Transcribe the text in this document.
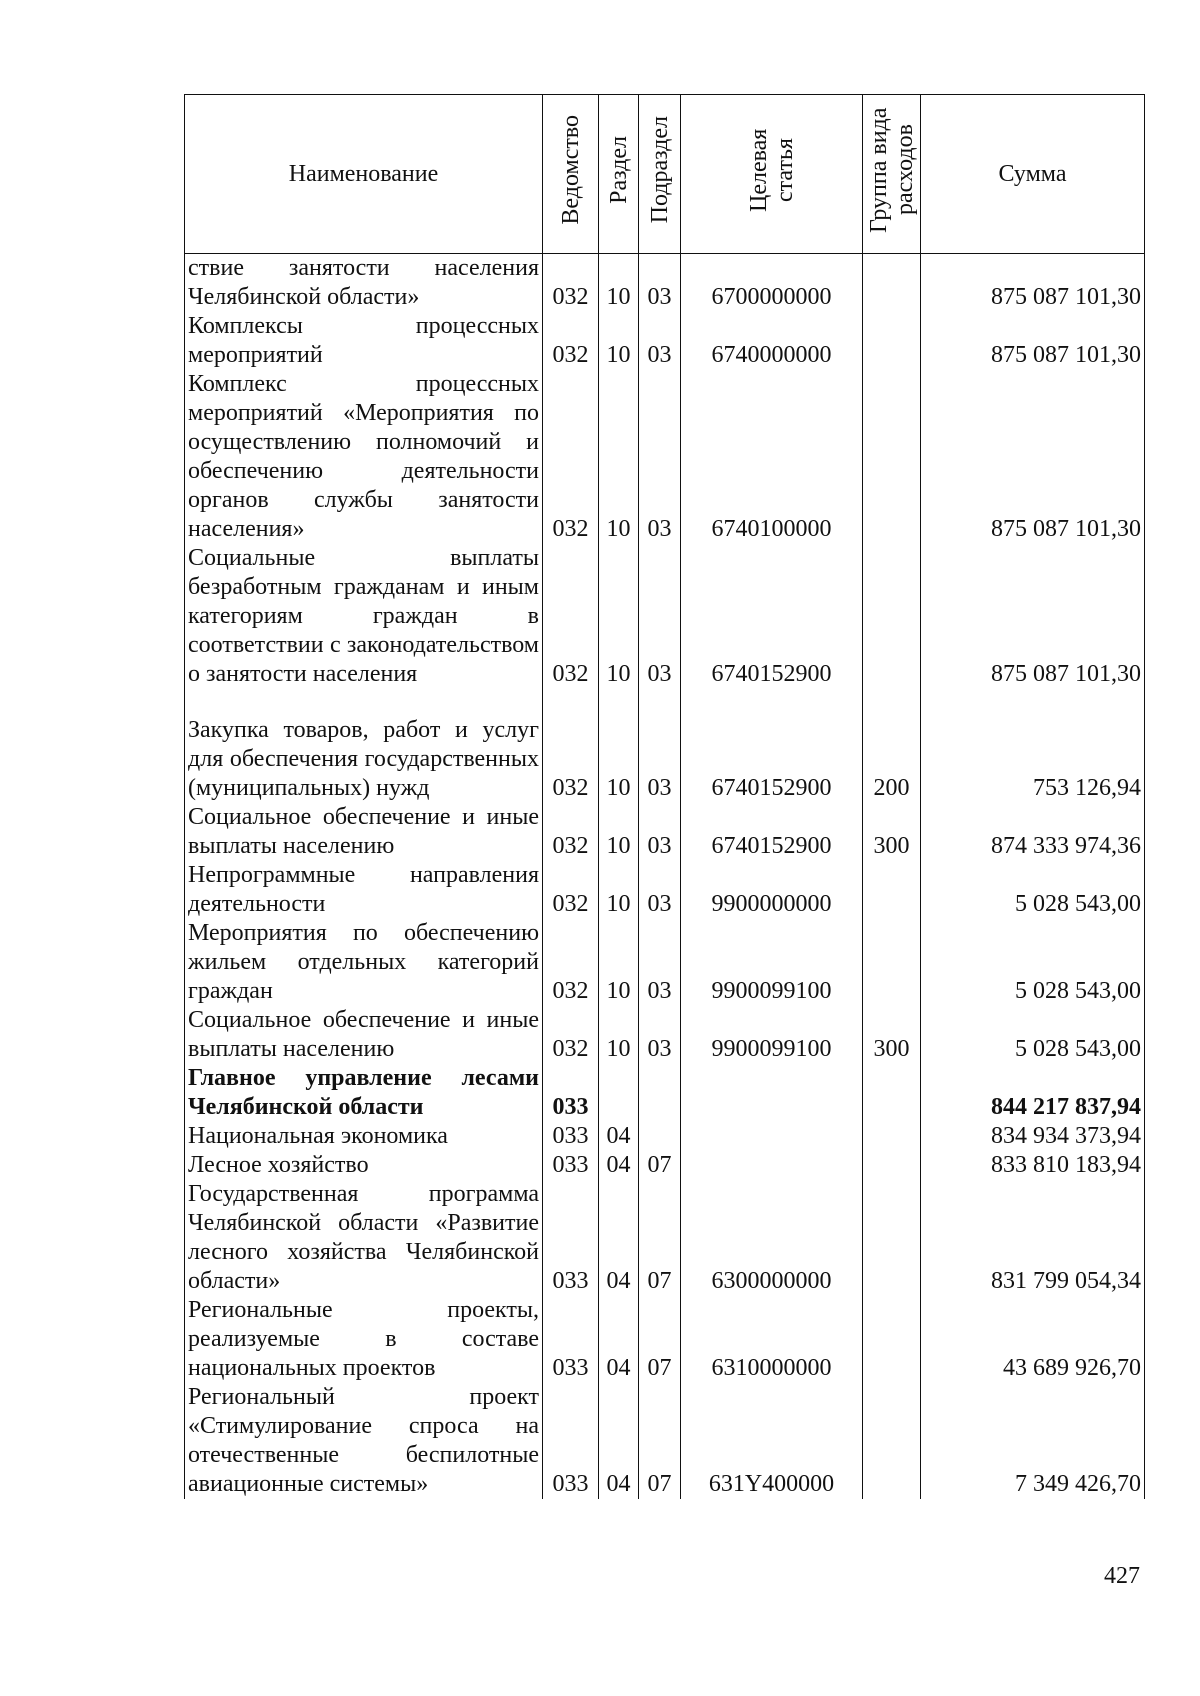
Наименование	Ведомство	Раздел	Подраздел	Целевая статья	Группа вида расходов	Сумма
ствие занятости населения Челябинской области»	032	10	03	6700000000		875 087 101,30
Комплексы процессных мероприятий	032	10	03	6740000000		875 087 101,30
Комплекс процессных мероприятий «Мероприятия по осуществлению полномочий и обеспечению деятельности органов службы занятости населения»	032	10	03	6740100000		875 087 101,30
Социальные выплаты безработным гражданам и иным категориям граждан в соответствии с законодательством о занятости населения	032	10	03	6740152900		875 087 101,30
Закупка товаров, работ и услуг для обеспечения государственных (муниципальных) нужд	032	10	03	6740152900	200	753 126,94
Социальное обеспечение и иные выплаты населению	032	10	03	6740152900	300	874 333 974,36
Непрограммные направления деятельности	032	10	03	9900000000		5 028 543,00
Мероприятия по обеспечению жильем отдельных категорий граждан	032	10	03	9900099100		5 028 543,00
Социальное обеспечение и иные выплаты населению	032	10	03	9900099100	300	5 028 543,00
Главное управление лесами Челябинской области	033					844 217 837,94
Национальная экономика	033	04				834 934 373,94
Лесное хозяйство	033	04	07			833 810 183,94
Государственная программа Челябинской области «Развитие лесного хозяйства Челябинской области»	033	04	07	6300000000		831 799 054,34
Региональные проекты, реализуемые в составе национальных проектов	033	04	07	6310000000		43 689 926,70
Региональный проект «Стимулирование спроса на отечественные беспилотные авиационные системы»	033	04	07	631Y400000		7 349 426,70
427
